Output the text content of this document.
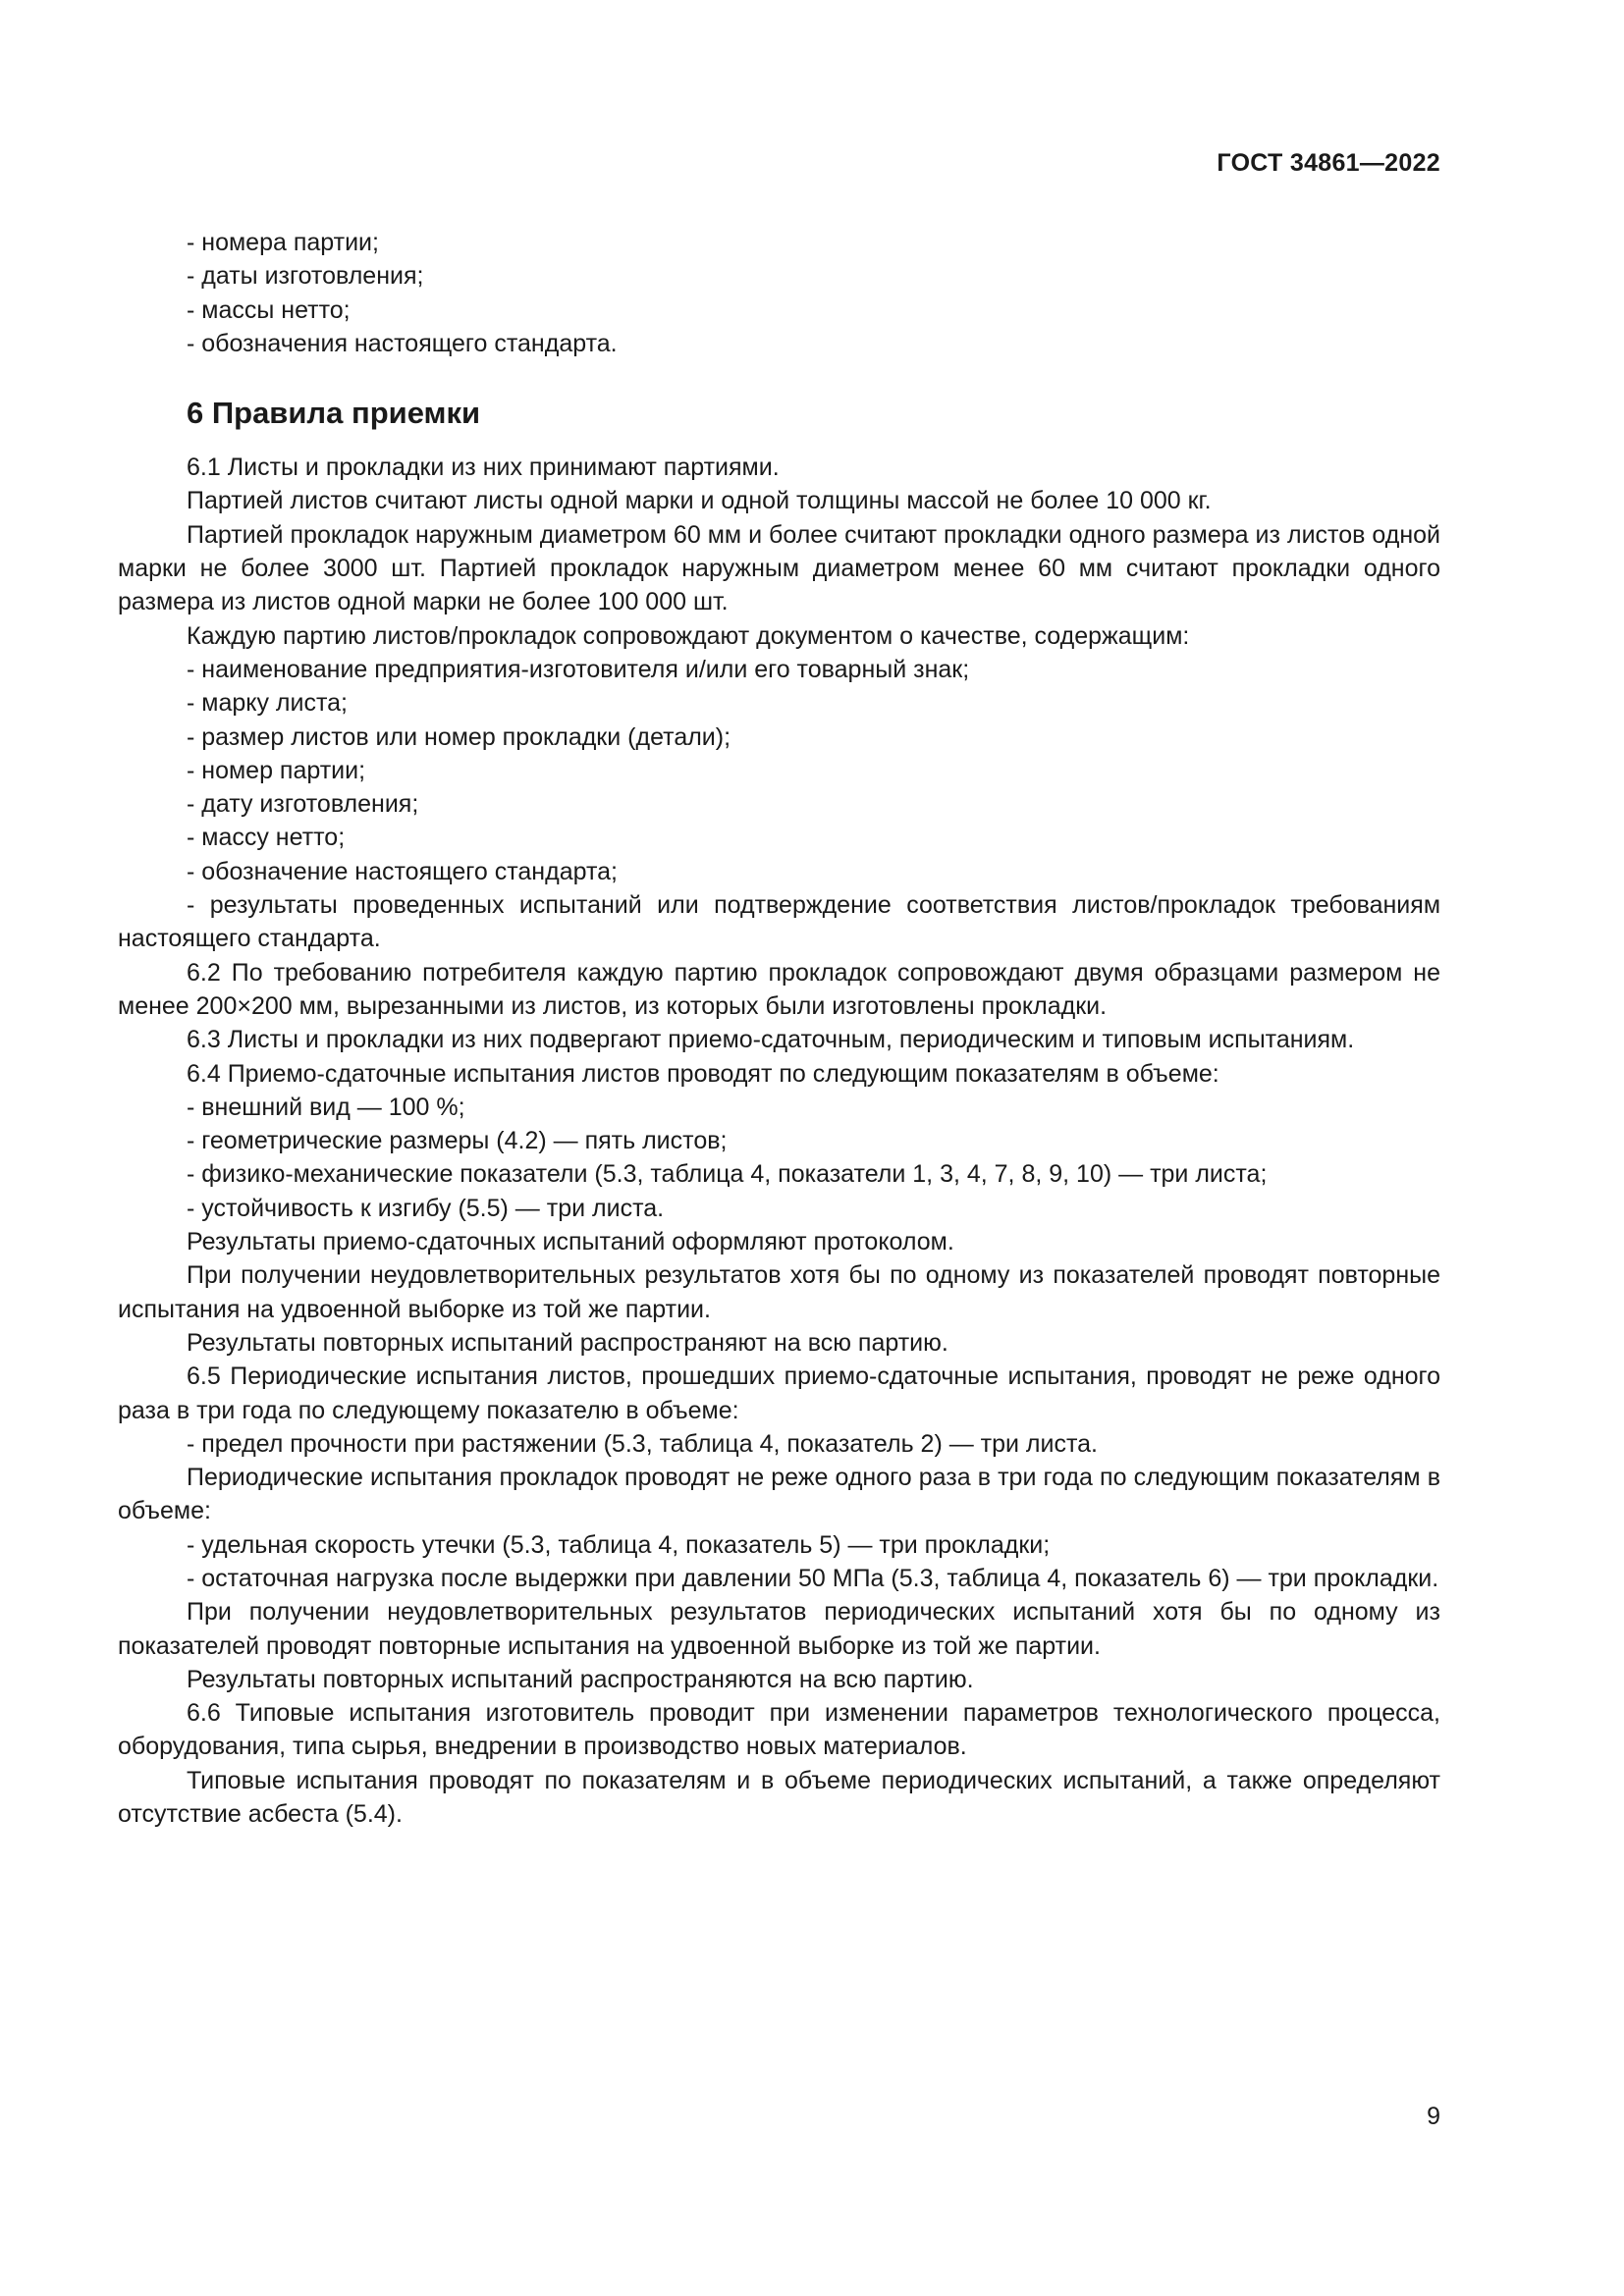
ГОСТ 34861—2022

- номера партии;

- даты изготовления;

- массы нетто;

- обозначения настоящего стандарта.

6 Правила приемки

6.1 Листы и прокладки из них принимают партиями.

Партией листов считают листы одной марки и одной толщины массой не более 10 000 кг.

Партией прокладок наружным диаметром 60 мм и более считают прокладки одного размера из листов одной марки не более 3000 шт. Партией прокладок наружным диаметром менее 60 мм считают прокладки одного размера из листов одной марки не более 100 000 шт.

Каждую партию листов/прокладок сопровождают документом о качестве, содержащим:

- наименование предприятия-изготовителя и/или его товарный знак;

- марку листа;

- размер листов или номер прокладки (детали);

- номер партии;

- дату изготовления;

- массу нетто;

- обозначение настоящего стандарта;

- результаты проведенных испытаний или подтверждение соответствия листов/прокладок требованиям настоящего стандарта.

6.2 По требованию потребителя каждую партию прокладок сопровождают двумя образцами размером не менее 200×200 мм, вырезанными из листов, из которых были изготовлены прокладки.

6.3 Листы и прокладки из них подвергают приемо-сдаточным, периодическим и типовым испытаниям.

6.4 Приемо-сдаточные испытания листов проводят по следующим показателям в объеме:

- внешний вид — 100 %;

- геометрические размеры (4.2) — пять листов;

- физико-механические показатели (5.3, таблица 4, показатели 1, 3, 4, 7, 8, 9, 10) — три листа;

- устойчивость к изгибу (5.5) — три листа.

Результаты приемо-сдаточных испытаний оформляют протоколом.

При получении неудовлетворительных результатов хотя бы по одному из показателей проводят повторные испытания на удвоенной выборке из той же партии.

Результаты повторных испытаний распространяют на всю партию.

6.5 Периодические испытания листов, прошедших приемо-сдаточные испытания, проводят не реже одного раза в три года по следующему показателю в объеме:

- предел прочности при растяжении (5.3, таблица 4, показатель 2) — три листа.

Периодические испытания прокладок проводят не реже одного раза в три года по следующим показателям в объеме:

- удельная скорость утечки (5.3, таблица 4, показатель 5) — три прокладки;

- остаточная нагрузка после выдержки при давлении 50 МПа (5.3, таблица 4, показатель 6) — три прокладки.

При получении неудовлетворительных результатов периодических испытаний хотя бы по одному из показателей проводят повторные испытания на удвоенной выборке из той же партии.

Результаты повторных испытаний распространяются на всю партию.

6.6 Типовые испытания изготовитель проводит при изменении параметров технологического процесса, оборудования, типа сырья, внедрении в производство новых материалов.

Типовые испытания проводят по показателям и в объеме периодических испытаний, а также определяют отсутствие асбеста (5.4).

9
